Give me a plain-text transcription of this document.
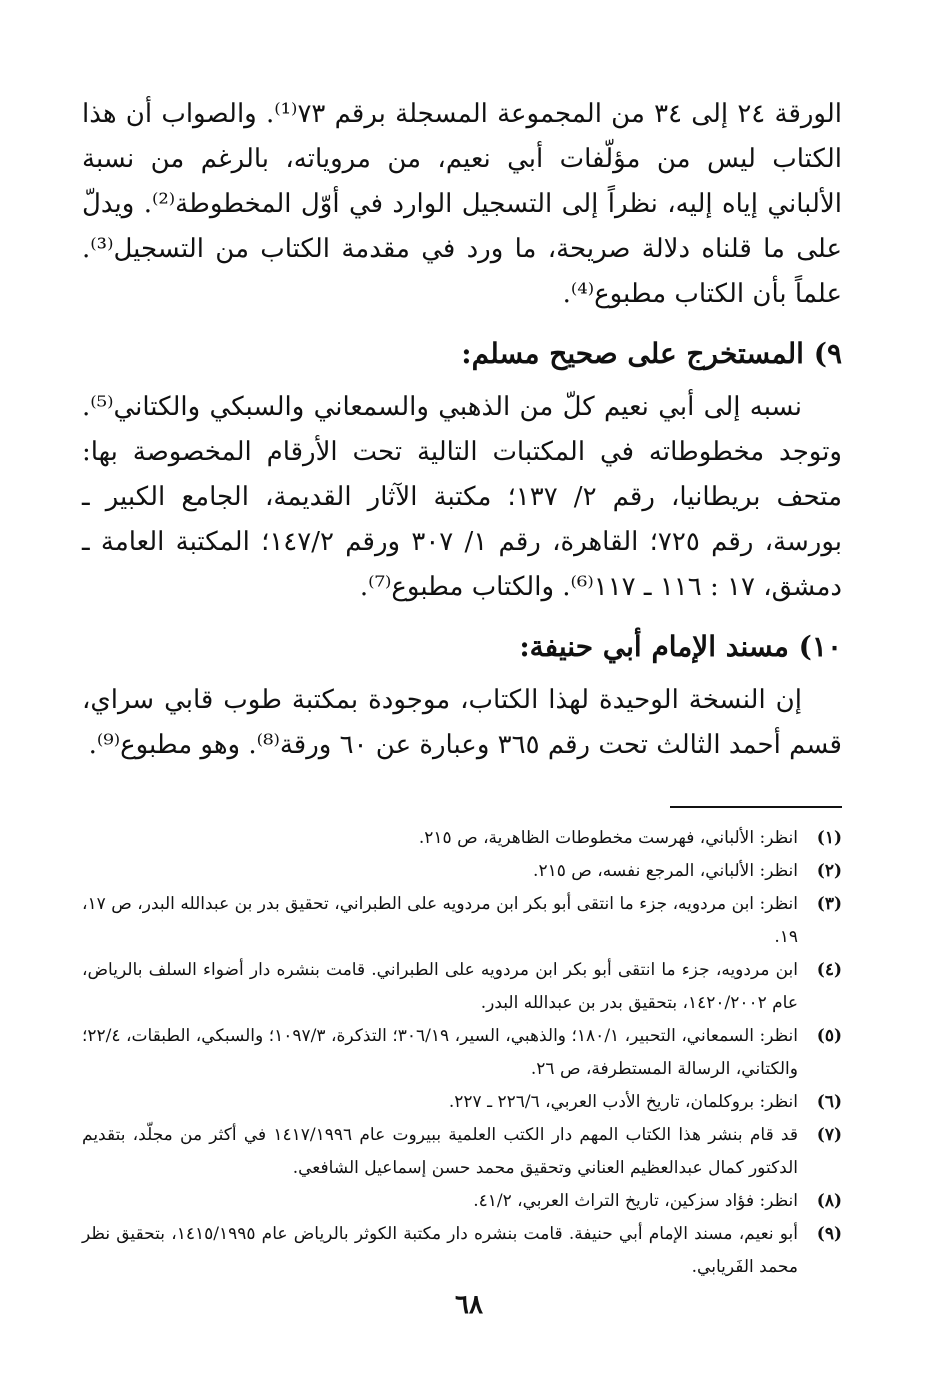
الورقة ٢٤ إلى ٣٤ من المجموعة المسجلة برقم ٧٣⁽¹⁾. والصواب أن هذا الكتاب ليس من مؤلّفات أبي نعيم، من مروياته، بالرغم من نسبة الألباني إياه إليه، نظراً إلى التسجيل الوارد في أوّل المخطوطة⁽²⁾. ويدلّ على ما قلناه دلالة صريحة، ما ورد في مقدمة الكتاب من التسجيل⁽³⁾. علماً بأن الكتاب مطبوع⁽⁴⁾.

٩) المستخرج على صحيح مسلم:

نسبه إلى أبي نعيم كلّ من الذهبي والسمعاني والسبكي والكتاني⁽⁵⁾. وتوجد مخطوطاته في المكتبات التالية تحت الأرقام المخصوصة بها: متحف بريطانيا، رقم ٢/ ١٣٧؛ مكتبة الآثار القديمة، الجامع الكبير ـ بورسة، رقم ٧٢٥؛ القاهرة، رقم ١/ ٣٠٧ ورقم ١٤٧/٢؛ المكتبة العامة ـ دمشق، ١٧ : ١١٦ ـ ١١٧⁽⁶⁾. والكتاب مطبوع⁽⁷⁾.

١٠) مسند الإمام أبي حنيفة:

إن النسخة الوحيدة لهذا الكتاب، موجودة بمكتبة طوب قابي سراي، قسم أحمد الثالث تحت رقم ٣٦٥ وعبارة عن ٦٠ ورقة⁽⁸⁾. وهو مطبوع⁽⁹⁾.

(١)
انظر: الألباني، فهرست مخطوطات الظاهرية، ص ٢١٥.
(٢)
انظر: الألباني، المرجع نفسه، ص ٢١٥.
(٣)
انظر: ابن مردويه، جزء ما انتقى أبو بكر ابن مردويه على الطبراني، تحقيق بدر بن عبدالله البدر، ص ١٧، ١٩.
(٤)
ابن مردويه، جزء ما انتقى أبو بكر ابن مردويه على الطبراني. قامت بنشره دار أضواء السلف بالرياض، عام ١٤٢٠/٢٠٠٢، بتحقيق بدر بن عبدالله البدر.
(٥)
انظر: السمعاني، التحبير، ١٨٠/١؛ والذهبي، السير، ٣٠٦/١٩؛ التذكرة، ١٠٩٧/٣؛ والسبكي، الطبقات، ٢٢/٤؛ والكتاني، الرسالة المستطرفة، ص ٢٦.
(٦)
انظر: بروكلمان، تاريخ الأدب العربي، ٢٢٦/٦ ـ ٢٢٧.
(٧)
قد قام بنشر هذا الكتاب المهم دار الكتب العلمية ببيروت عام ١٤١٧/١٩٩٦ في أكثر من مجلّد، بتقديم الدكتور كمال عبدالعظيم العناني وتحقيق محمد حسن إسماعيل الشافعي.
(٨)
انظر: فؤاد سزكين، تاريخ التراث العربي، ٤١/٢.
(٩)
أبو نعيم، مسند الإمام أبي حنيفة. قامت بنشره دار مكتبة الكوثر بالرياض عام ١٤١٥/١٩٩٥، بتحقيق نظر محمد الفَريابي.
٦٨
